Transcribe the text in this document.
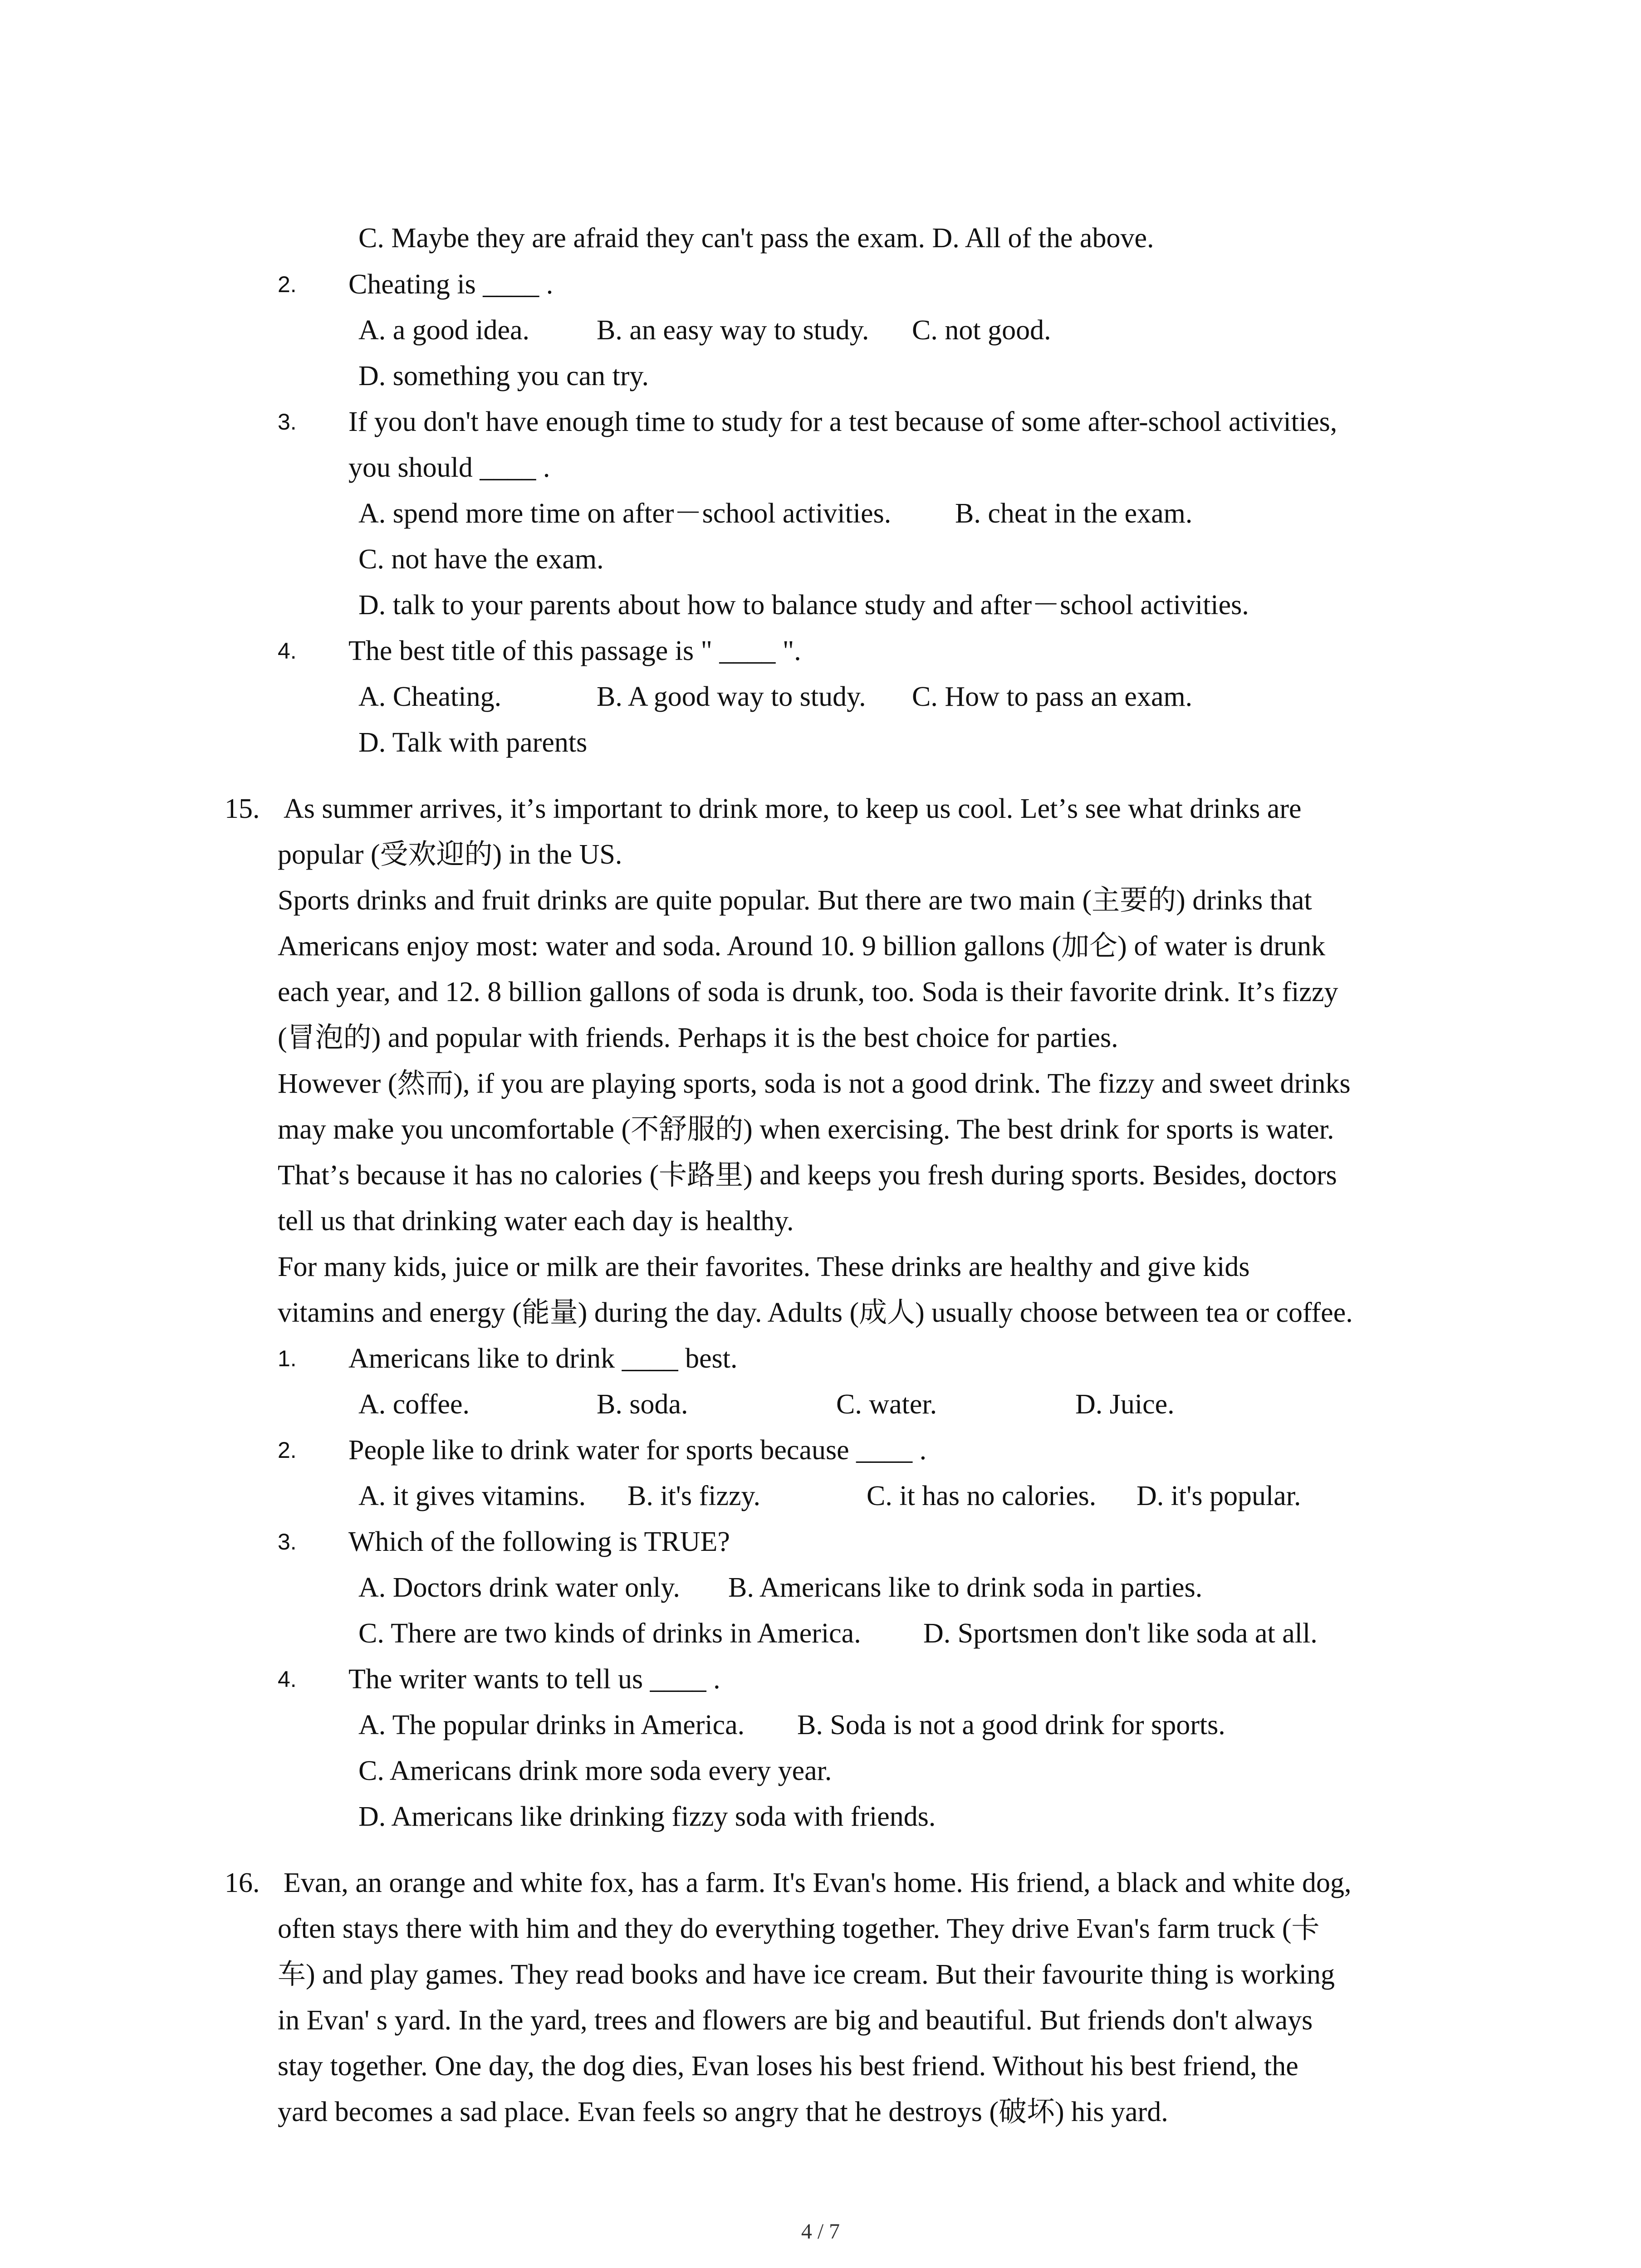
C. Maybe they are afraid they can't pass the exam. D. All of the above.
2. Cheating is ____ .
A. a good idea. B. an easy way to study. C. not good.
D. something you can try.
3. If you don't have enough time to study for a test because of some after-school activities,
you should ____ .
A. spend more time on after－school activities. B. cheat in the exam.
C. not have the exam.
D. talk to your parents about how to balance study and after－school activities.
4. The best title of this passage is " ____ ".
A. Cheating.	B. A good way to study. C. How to pass an exam.
D. Talk with parents
15. As summer arrives, itʼs important to drink more, to keep us cool. Letʼs see what drinks are
popular (受欢迎的) in the US.
Sports drinks and fruit drinks are quite popular. But there are two main (主要的) drinks that
Americans enjoy most: water and soda. Around 10. 9 billion gallons (加仑) of water is drunk
each year, and 12. 8 billion gallons of soda is drunk, too. Soda is their favorite drink. Itʼs fizzy
(冒泡的) and popular with friends. Perhaps it is the best choice for parties.
However (然而), if you are playing sports, soda is not a good drink. The fizzy and sweet drinks
may make you uncomfortable (不舒服的) when exercising. The best drink for sports is water.
Thatʼs because it has no calories (卡路里) and keeps you fresh during sports. Besides, doctors
tell us that drinking water each day is healthy.
For many kids, juice or milk are their favorites. These drinks are healthy and give kids
vitamins and energy (能量) during the day. Adults (成人) usually choose between tea or coffee.
1. Americans like to drink ____ best.
A. coffee.	B. soda.	C. water.	D. Juice.
2. People like to drink water for sports because ____ .
A. it gives vitamins. B. it's fizzy.	C. it has no calories. D. it's popular.
3. Which of the following is TRUE?
A. Doctors drink water only. B. Americans like to drink soda in parties.
C. There are two kinds of drinks in America. D. Sportsmen don't like soda at all.
4. The writer wants to tell us ____ .
A. The popular drinks in America. B. Soda is not a good drink for sports.
C. Americans drink more soda every year.
D. Americans like drinking fizzy soda with friends.
16. Evan, an orange and white fox, has a farm. It's Evan's home. His friend, a black and white dog,
often stays there with him and they do everything together. They drive Evan's farm truck (卡
车) and play games. They read books and have ice cream. But their favourite thing is working
in Evan' s yard. In the yard, trees and flowers are big and beautiful. But friends don't always
stay together. One day, the dog dies, Evan loses his best friend. Without his best friend, the
yard becomes a sad place. Evan feels so angry that he destroys (破坏) his yard.
4 / 7
